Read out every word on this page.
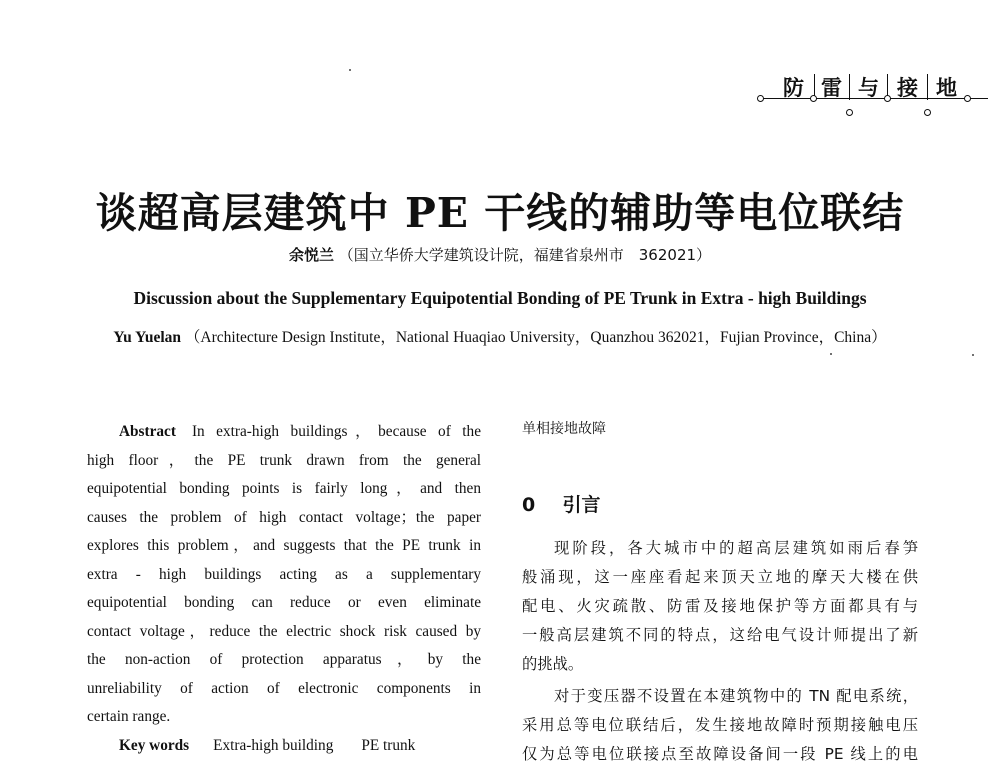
防 雷 与 接 地
谈超高层建筑中 PE 干线的辅助等电位联结
余悦兰 （国立华侨大学建筑设计院，福建省泉州市　362021）
Discussion about the Supplementary Equipotential Bonding of PE Trunk in Extra - high Buildings
Yu Yuelan （Architecture Design Institute，National Huaqiao University，Quanzhou 362021，Fujian Province，China）
Abstract In extra-high buildings，because of the
high floor，the PE trunk drawn from the general
equipotential bonding points is fairly long，and then
causes the problem of high contact voltage；the paper
explores this problem，and suggests that the PE trunk in
extra - high buildings acting as a supplementary
equipotential bonding can reduce or even eliminate
contact voltage，reduce the electric shock risk caused by
the non-action of protection apparatus，by the
unreliability of action of electronic components in
certain range.
Key words Extra-high building PE trunk
单相接地故障
0 引言
现阶段，各大城市中的超高层建筑如雨后春笋
般涌现，这一座座看起来顶天立地的摩天大楼在供
配电、火灾疏散、防雷及接地保护等方面都具有与
一般高层建筑不同的特点，这给电气设计师提出了新
的挑战。
对于变压器不设置在本建筑物中的 TN 配电系统，
采用总等电位联结后，发生接地故障时预期接触电压
仅为总等电位联接点至故障设备间一段 PE 线上的电
